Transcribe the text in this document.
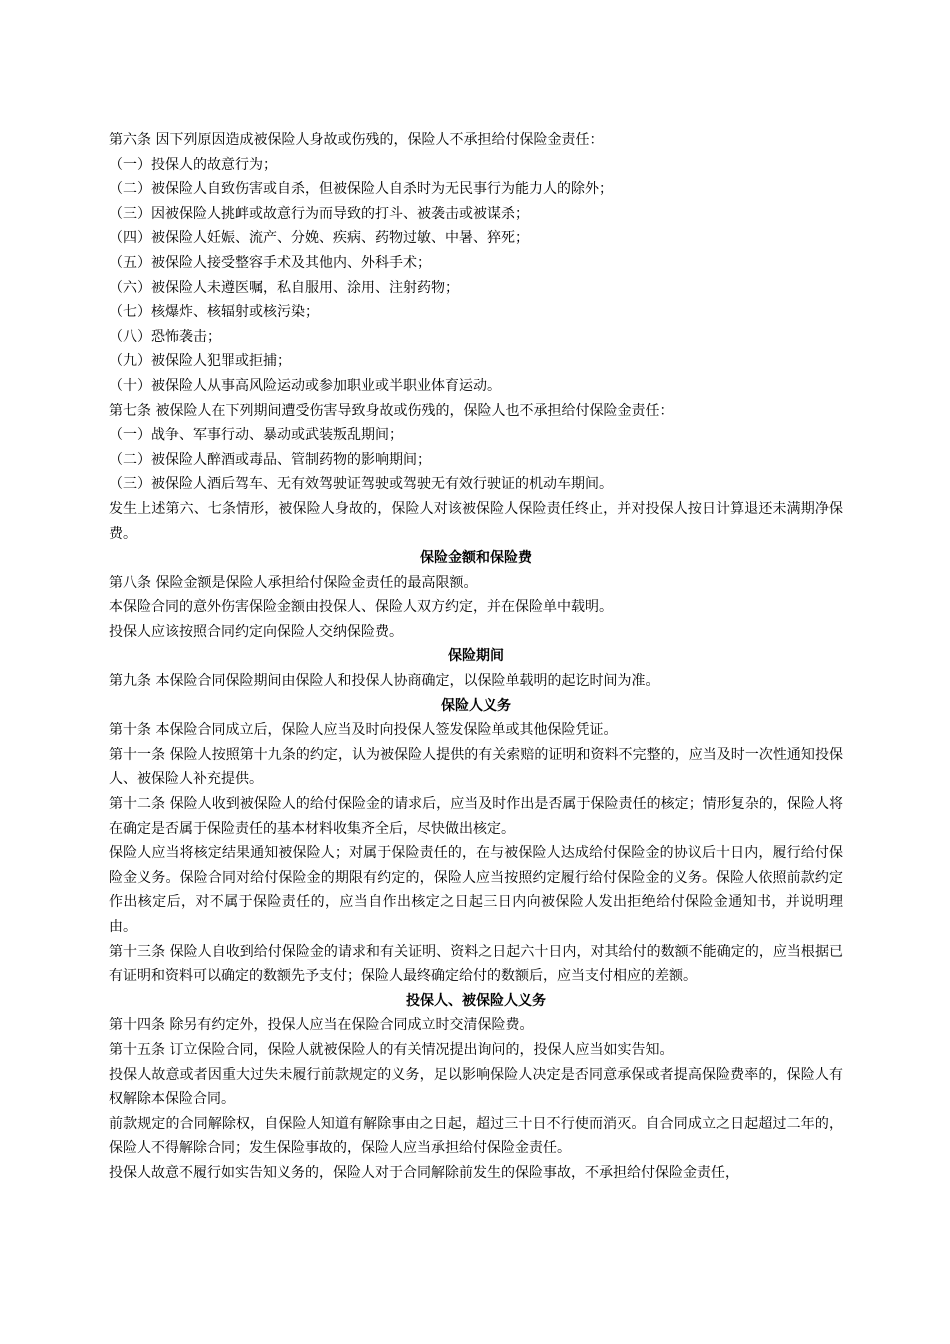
第六条 因下列原因造成被保险人身故或伤残的，保险人不承担给付保险金责任：
（一）投保人的故意行为；
（二）被保险人自致伤害或自杀，但被保险人自杀时为无民事行为能力人的除外；
（三）因被保险人挑衅或故意行为而导致的打斗、被袭击或被谋杀；
（四）被保险人妊娠、流产、分娩、疾病、药物过敏、中暑、猝死；
（五）被保险人接受整容手术及其他内、外科手术；
（六）被保险人未遵医嘱，私自服用、涂用、注射药物；
（七）核爆炸、核辐射或核污染；
（八）恐怖袭击；
（九）被保险人犯罪或拒捕；
（十）被保险人从事高风险运动或参加职业或半职业体育运动。
第七条 被保险人在下列期间遭受伤害导致身故或伤残的，保险人也不承担给付保险金责任：
（一）战争、军事行动、暴动或武装叛乱期间；
（二）被保险人醉酒或毒品、管制药物的影响期间；
（三）被保险人酒后驾车、无有效驾驶证驾驶或驾驶无有效行驶证的机动车期间。
发生上述第六、七条情形，被保险人身故的，保险人对该被保险人保险责任终止，并对投保人按日计算退还未满期净保费。
保险金额和保险费
第八条 保险金额是保险人承担给付保险金责任的最高限额。
本保险合同的意外伤害保险金额由投保人、保险人双方约定，并在保险单中载明。
投保人应该按照合同约定向保险人交纳保险费。
保险期间
第九条 本保险合同保险期间由保险人和投保人协商确定，以保险单载明的起讫时间为准。
保险人义务
第十条 本保险合同成立后，保险人应当及时向投保人签发保险单或其他保险凭证。
第十一条 保险人按照第十九条的约定，认为被保险人提供的有关索赔的证明和资料不完整的，应当及时一次性通知投保人、被保险人补充提供。
第十二条 保险人收到被保险人的给付保险金的请求后，应当及时作出是否属于保险责任的核定；情形复杂的，保险人将在确定是否属于保险责任的基本材料收集齐全后，尽快做出核定。
保险人应当将核定结果通知被保险人；对属于保险责任的，在与被保险人达成给付保险金的协议后十日内，履行给付保险金义务。保险合同对给付保险金的期限有约定的，保险人应当按照约定履行给付保险金的义务。保险人依照前款约定作出核定后，对不属于保险责任的，应当自作出核定之日起三日内向被保险人发出拒绝给付保险金通知书，并说明理由。
第十三条 保险人自收到给付保险金的请求和有关证明、资料之日起六十日内，对其给付的数额不能确定的，应当根据已有证明和资料可以确定的数额先予支付；保险人最终确定给付的数额后，应当支付相应的差额。
投保人、被保险人义务
第十四条 除另有约定外，投保人应当在保险合同成立时交清保险费。
第十五条 订立保险合同，保险人就被保险人的有关情况提出询问的，投保人应当如实告知。
投保人故意或者因重大过失未履行前款规定的义务，足以影响保险人决定是否同意承保或者提高保险费率的，保险人有权解除本保险合同。
前款规定的合同解除权，自保险人知道有解除事由之日起，超过三十日不行使而消灭。自合同成立之日起超过二年的，保险人不得解除合同；发生保险事故的，保险人应当承担给付保险金责任。
投保人故意不履行如实告知义务的，保险人对于合同解除前发生的保险事故，不承担给付保险金责任，
